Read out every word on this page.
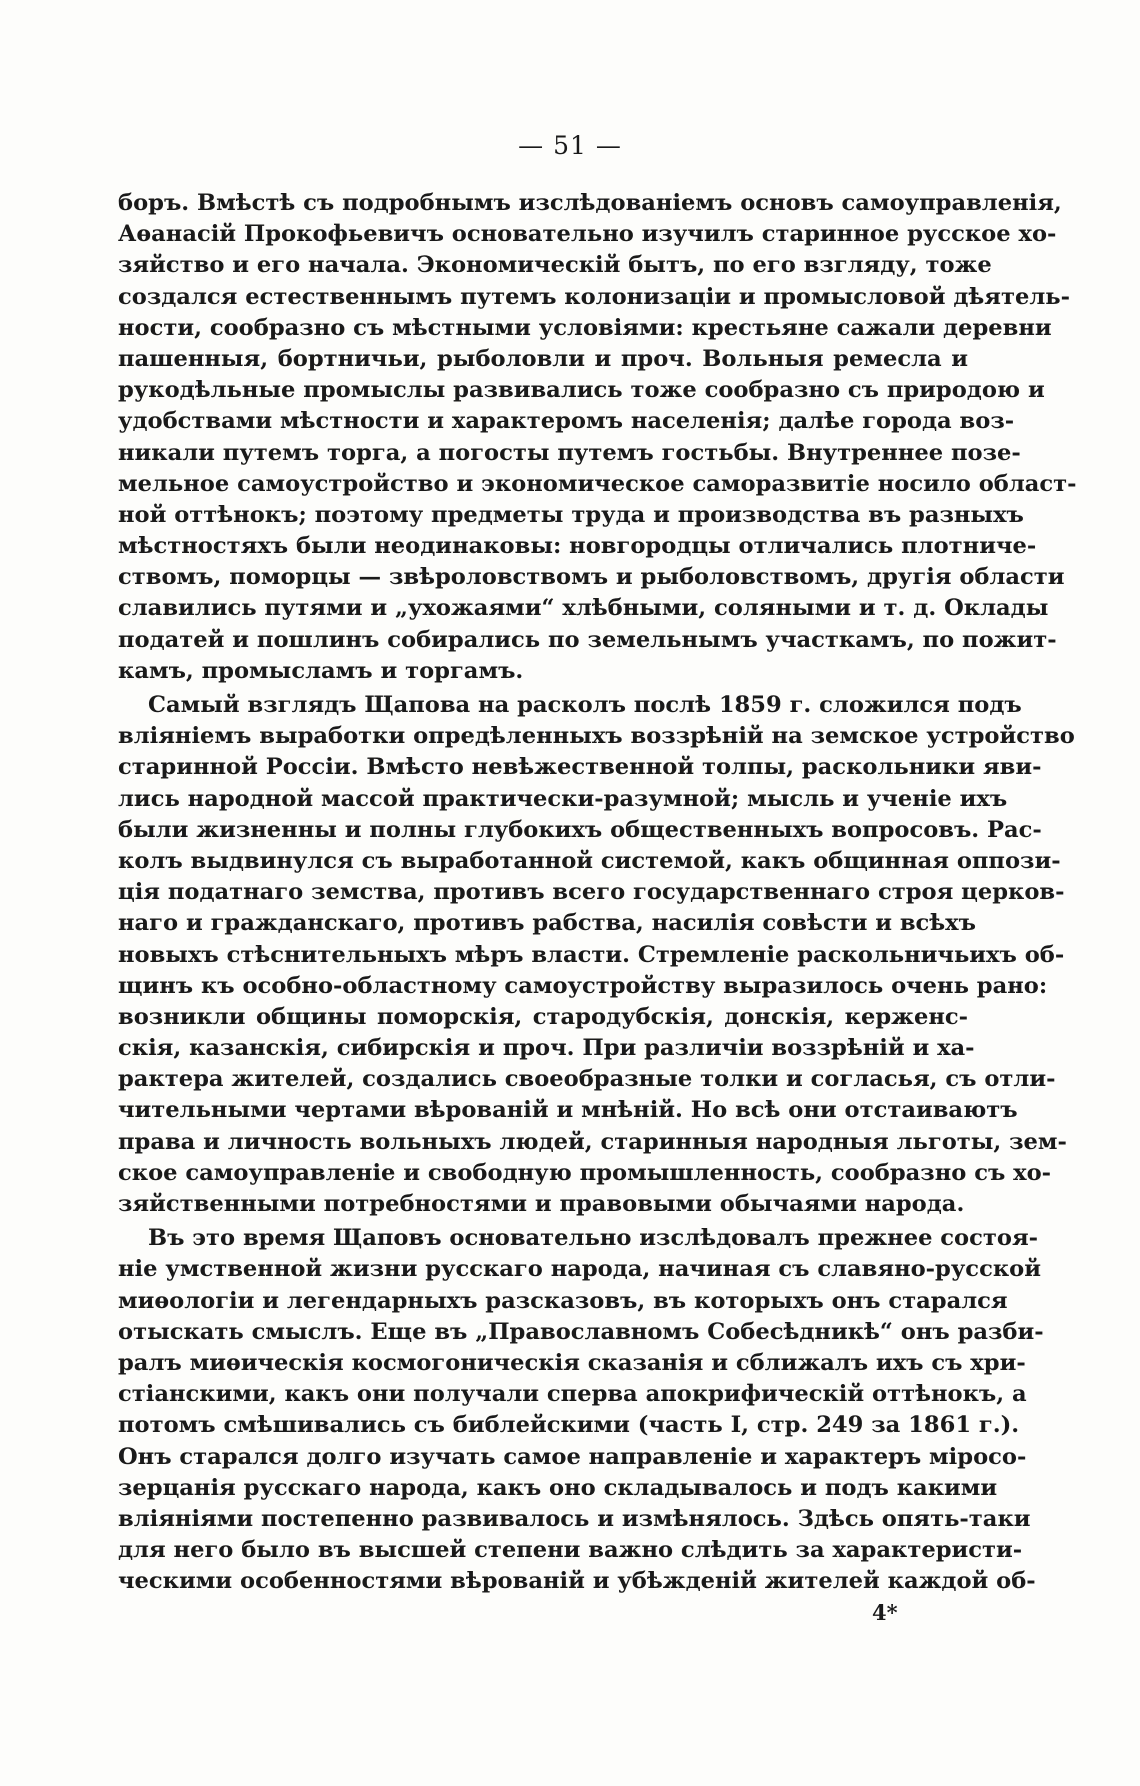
— 51 —
боръ. Вмѣстѣ съ подробнымъ изслѣдованіемъ основъ самоуправленія,
Аѳанасій Прокофьевичъ основательно изучилъ старинное русское хо-
зяйство и его начала. Экономическій бытъ, по его взгляду, тоже
создался естественнымъ путемъ колонизаціи и промысловой дѣятель-
ности, сообразно съ мѣстными условіями: крестьяне сажали деревни
пашенныя, бортничьи, рыболовли и проч. Вольныя ремесла и
рукодѣльные промыслы развивались тоже сообразно съ природою и
удобствами мѣстности и характеромъ населенія; далѣе города воз-
никали путемъ торга, а погосты путемъ гостьбы. Внутреннее позе-
мельное самоустройство и экономическое саморазвитіе носило област-
ной оттѣнокъ; поэтому предметы труда и производства въ разныхъ
мѣстностяхъ были неодинаковы: новгородцы отличались плотниче-
ствомъ, поморцы — звѣроловствомъ и рыболовствомъ, другія области
славились путями и „ухожаями“ хлѣбными, соляными и т. д. Оклады
податей и пошлинъ собирались по земельнымъ участкамъ, по пожит-
камъ, промысламъ и торгамъ.
Самый взглядъ Щапова на расколъ послѣ 1859 г. сложился подъ
вліяніемъ выработки опредѣленныхъ воззрѣній на земское устройство
старинной Россіи. Вмѣсто невѣжественной толпы, раскольники яви-
лись народной массой практически-разумной; мысль и ученіе ихъ
были жизненны и полны глубокихъ общественныхъ вопросовъ. Рас-
колъ выдвинулся съ выработанной системой, какъ общинная оппози-
ція податнаго земства, противъ всего государственнаго строя церков-
наго и гражданскаго, противъ рабства, насилія совѣсти и всѣхъ
новыхъ стѣснительныхъ мѣръ власти. Стремленіе раскольничьихъ об-
щинъ къ особно-областному самоустройству выразилось очень рано:
возникли общины поморскія, стародубскія, донскія, керженс-
скія, казанскія, сибирскія и проч. При различіи воззрѣній и ха-
рактера жителей, создались своеобразные толки и согласья, съ отли-
чительными чертами вѣрованій и мнѣній. Но всѣ они отстаиваютъ
права и личность вольныхъ людей, старинныя народныя льготы, зем-
ское самоуправленіе и свободную промышленность, сообразно съ хо-
зяйственными потребностями и правовыми обычаями народа.
Въ это время Щаповъ основательно изслѣдовалъ прежнее состоя-
ніе умственной жизни русскаго народа, начиная съ славяно-русской
миѳологіи и легендарныхъ разсказовъ, въ которыхъ онъ старался
отыскать смыслъ. Еще въ „Православномъ Собесѣдникѣ“ онъ разби-
ралъ миѳическія космогоническія сказанія и сближалъ ихъ съ хри-
стіанскими, какъ они получали сперва апокрифическій оттѣнокъ, а
потомъ смѣшивались съ библейскими (часть I, стр. 249 за 1861 г.).
Онъ старался долго изучать самое направленіе и характеръ міросо-
зерцанія русскаго народа, какъ оно складывалось и подъ какими
вліяніями постепенно развивалось и измѣнялось. Здѣсь опять-таки
для него было въ высшей степени важно слѣдить за характеристи-
ческими особенностями вѣрованій и убѣжденій жителей каждой об-
4*
